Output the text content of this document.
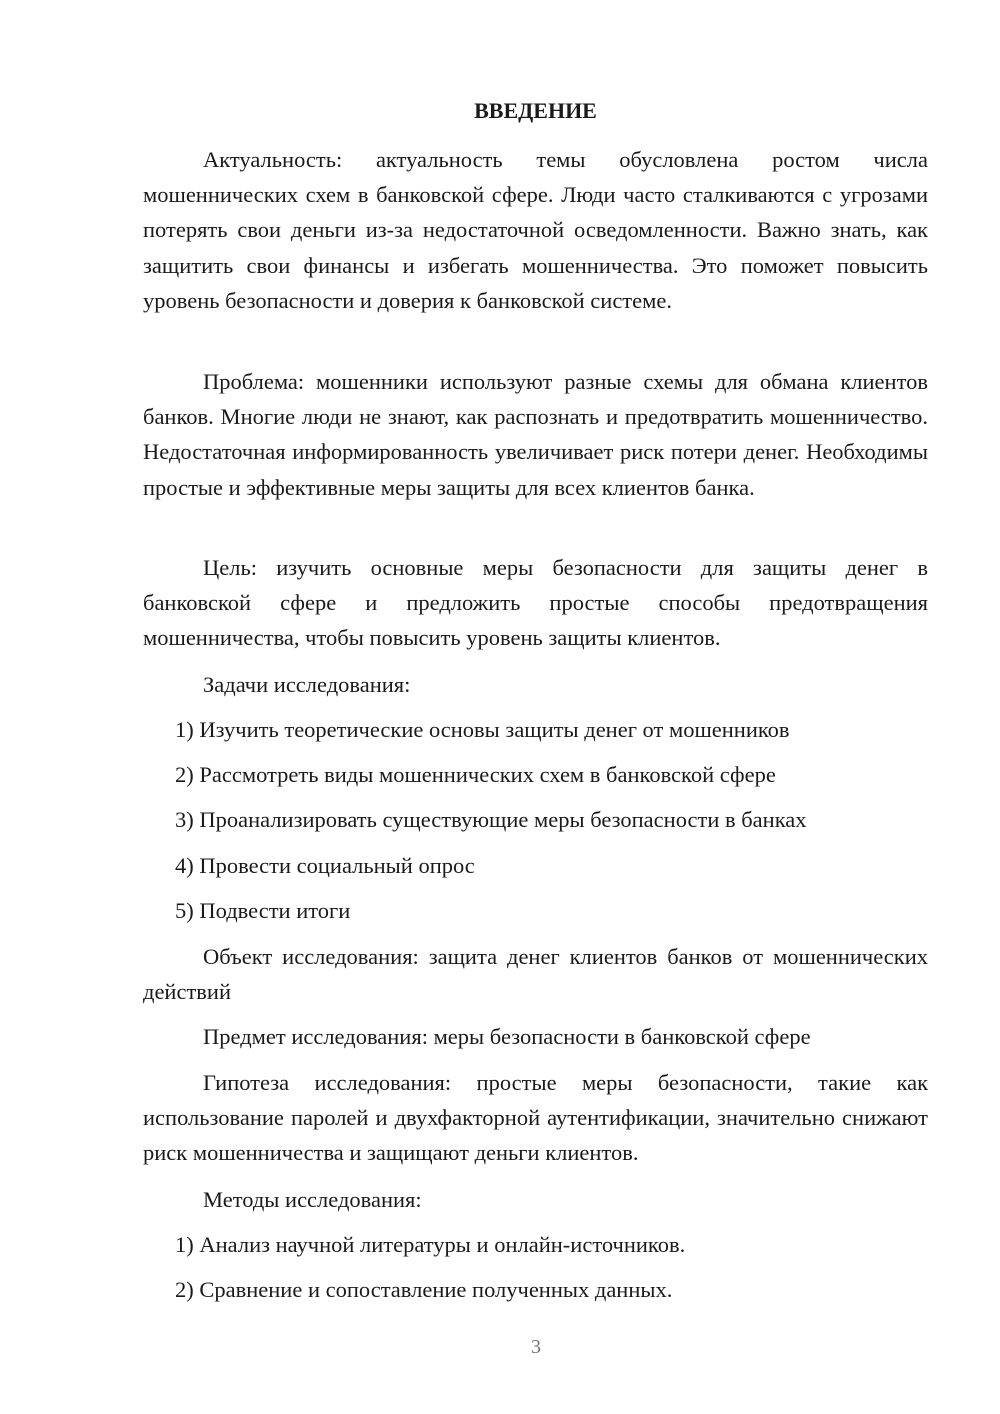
ВВЕДЕНИЕ

Актуальность: актуальность темы обусловлена ростом числа мошеннических схем в банковской сфере. Люди часто сталкиваются с угрозами потерять свои деньги из-за недостаточной осведомленности. Важно знать, как защитить свои финансы и избегать мошенничества. Это поможет повысить уровень безопасности и доверия к банковской системе.

Проблема: мошенники используют разные схемы для обмана клиентов банков. Многие люди не знают, как распознать и предотвратить мошенничество. Недостаточная информированность увеличивает риск потери денег. Необходимы простые и эффективные меры защиты для всех клиентов банка.

Цель: изучить основные меры безопасности для защиты денег в банковской сфере и предложить простые способы предотвращения мошенничества, чтобы повысить уровень защиты клиентов.

Задачи исследования:

1) Изучить теоретические основы защиты денег от мошенников

2) Рассмотреть виды мошеннических схем в банковской сфере

3) Проанализировать существующие меры безопасности в банках

4) Провести социальный опрос

5) Подвести итоги

Объект исследования: защита денег клиентов банков от мошеннических действий

Предмет исследования: меры безопасности в банковской сфере

Гипотеза исследования: простые меры безопасности, такие как использование паролей и двухфакторной аутентификации, значительно снижают риск мошенничества и защищают деньги клиентов.

Методы исследования:

1) Анализ научной литературы и онлайн-источников.

2) Сравнение и сопоставление полученных данных.

3
